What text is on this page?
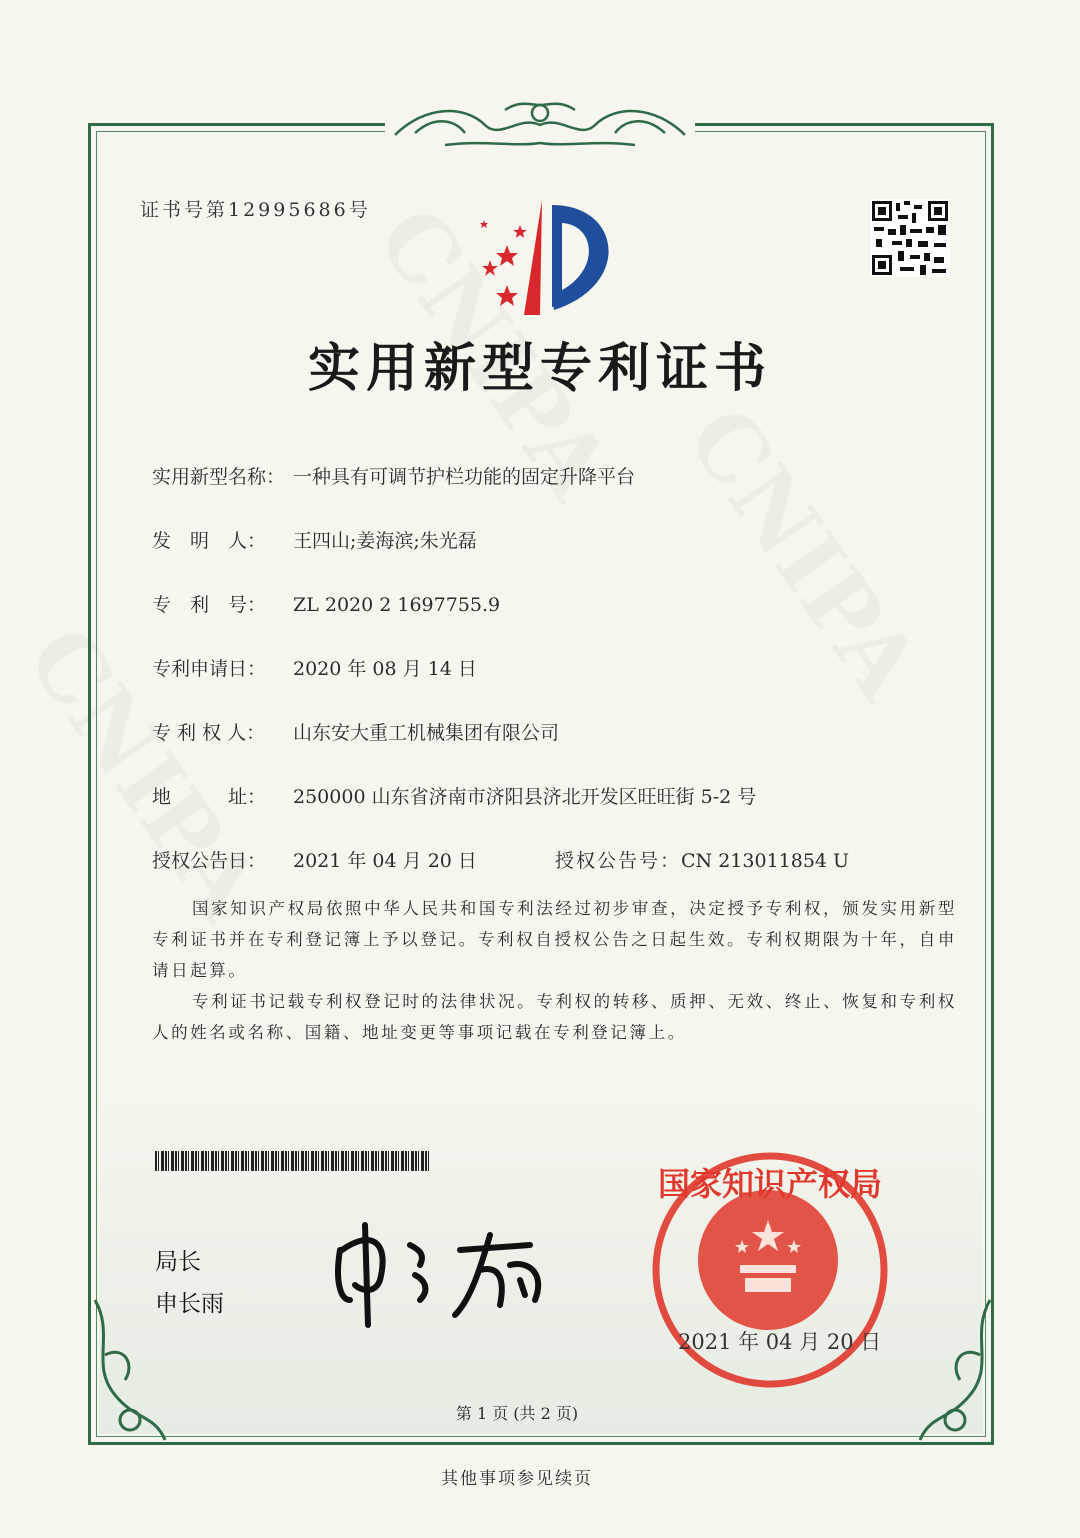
证书号第12995686号
实用新型专利证书
实用新型名称： 一种具有可调节护栏功能的固定升降平台
发　明　人： 王四山;姜海滨;朱光磊
专　利　号： ZL 2020 2 1697755.9
专利申请日： 2020 年 08 月 14 日
专 利 权 人： 山东安大重工机械集团有限公司
地　　　址： 250000 山东省济南市济阳县济北开发区旺旺街 5-2 号
授权公告日： 2021 年 04 月 20 日	授权公告号：CN 213011854 U

国家知识产权局依照中华人民共和国专利法经过初步审查，决定授予专利权，颁发实用新型专利证书并在专利登记簿上予以登记。专利权自授权公告之日起生效。专利权期限为十年，自申请日起算。

专利证书记载专利权登记时的法律状况。专利权的转移、质押、无效、终止、恢复和专利权人的姓名或名称、国籍、地址变更等事项记载在专利登记簿上。

局长
申长雨
国家知识产权局
2021 年 04 月 20 日
第 1 页 (共 2 页)
其他事项参见续页
